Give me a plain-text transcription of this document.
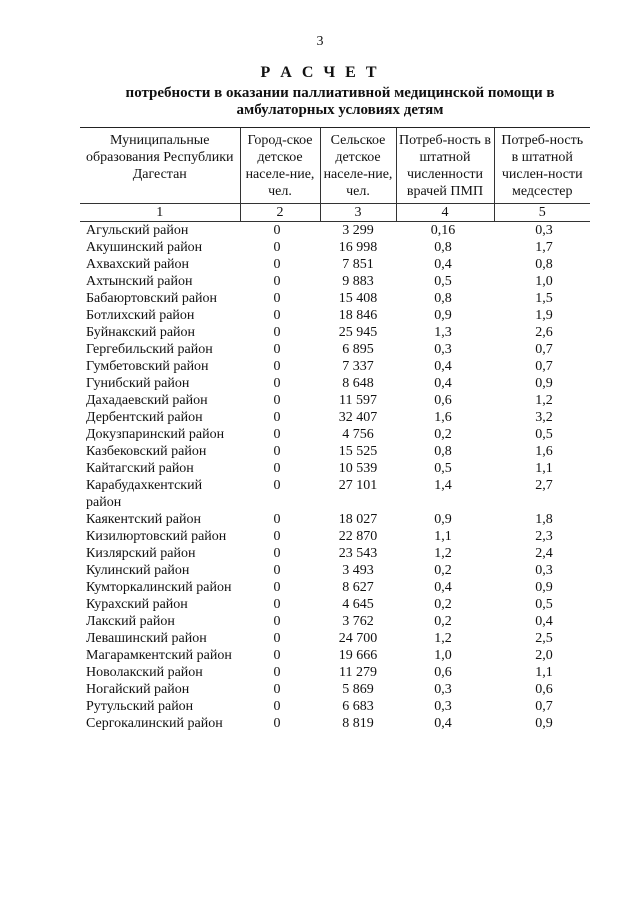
3
Р А С Ч Е Т
потребности в оказании паллиативной медицинской помощи в амбулаторных условиях детям
Муниципальные образования Республики Дагестан	Город-ское детское населе-ние, чел.	Сельское детское населе-ние, чел.	Потреб-ность в штатной численности врачей ПМП	Потреб-ность в штатной числен-ности медсестер
1	2	3	4	5
Агульский район	0	3 299	0,16	0,3
Акушинский район	0	16 998	0,8	1,7
Ахвахский район	0	7 851	0,4	0,8
Ахтынский район	0	9 883	0,5	1,0
Бабаюртовский район	0	15 408	0,8	1,5
Ботлихский район	0	18 846	0,9	1,9
Буйнакский район	0	25 945	1,3	2,6
Гергебильский район	0	6 895	0,3	0,7
Гумбетовский район	0	7 337	0,4	0,7
Гунибский район	0	8 648	0,4	0,9
Дахадаевский район	0	11 597	0,6	1,2
Дербентский район	0	32 407	1,6	3,2
Докузпаринский район	0	4 756	0,2	0,5
Казбековский район	0	15 525	0,8	1,6
Кайтагский район	0	10 539	0,5	1,1
Карабудахкентский район	0	27 101	1,4	2,7
Каякентский район	0	18 027	0,9	1,8
Кизилюртовский район	0	22 870	1,1	2,3
Кизлярский район	0	23 543	1,2	2,4
Кулинский район	0	3 493	0,2	0,3
Кумторкалинский район	0	8 627	0,4	0,9
Курахский район	0	4 645	0,2	0,5
Лакский район	0	3 762	0,2	0,4
Левашинский район	0	24 700	1,2	2,5
Магарамкентский район	0	19 666	1,0	2,0
Новолакский район	0	11 279	0,6	1,1
Ногайский район	0	5 869	0,3	0,6
Рутульский район	0	6 683	0,3	0,7
Сергокалинский район	0	8 819	0,4	0,9
